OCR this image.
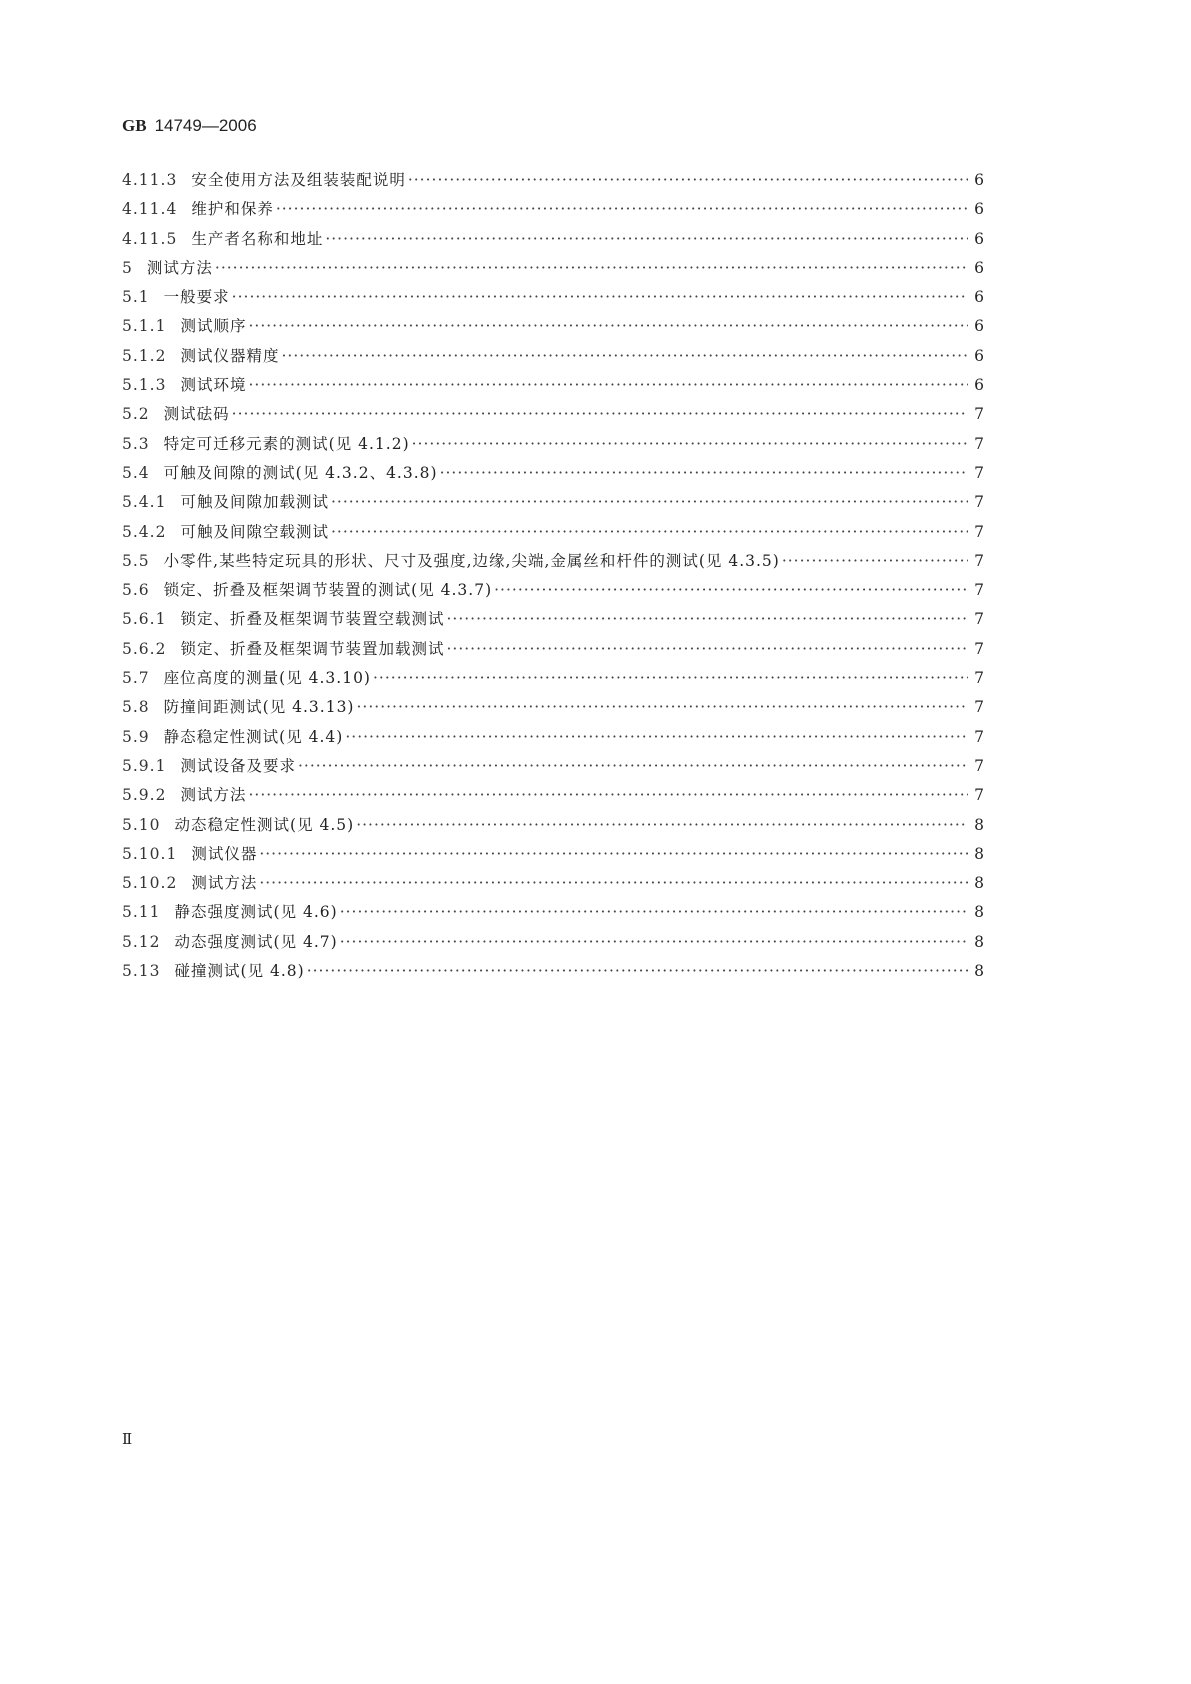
GB 14749—2006
4.11.3 安全使用方法及组装装配说明 ·····	6
4.11.4 维护和保养 ·····	6
4.11.5 生产者名称和地址 ·····	6
5 测试方法 ·····	6
5.1 一般要求 ·····	6
5.1.1 测试顺序 ·····	6
5.1.2 测试仪器精度 ·····	6
5.1.3 测试环境 ·····	6
5.2 测试砝码 ·····	7
5.3 特定可迁移元素的测试(见 4.1.2) ·····	7
5.4 可触及间隙的测试(见 4.3.2、4.3.8) ·····	7
5.4.1 可触及间隙加载测试 ·····	7
5.4.2 可触及间隙空载测试 ·····	7
5.5 小零件,某些特定玩具的形状、尺寸及强度,边缘,尖端,金属丝和杆件的测试(见 4.3.5) ·····	7
5.6 锁定、折叠及框架调节装置的测试(见 4.3.7) ·····	7
5.6.1 锁定、折叠及框架调节装置空载测试 ·····	7
5.6.2 锁定、折叠及框架调节装置加载测试 ·····	7
5.7 座位高度的测量(见 4.3.10) ·····	7
5.8 防撞间距测试(见 4.3.13) ·····	7
5.9 静态稳定性测试(见 4.4) ·····	7
5.9.1 测试设备及要求 ·····	7
5.9.2 测试方法 ·····	7
5.10 动态稳定性测试(见 4.5) ·····	8
5.10.1 测试仪器 ·····	8
5.10.2 测试方法 ·····	8
5.11 静态强度测试(见 4.6) ·····	8
5.12 动态强度测试(见 4.7) ·····	8
5.13 碰撞测试(见 4.8) ·····	8
Ⅱ
